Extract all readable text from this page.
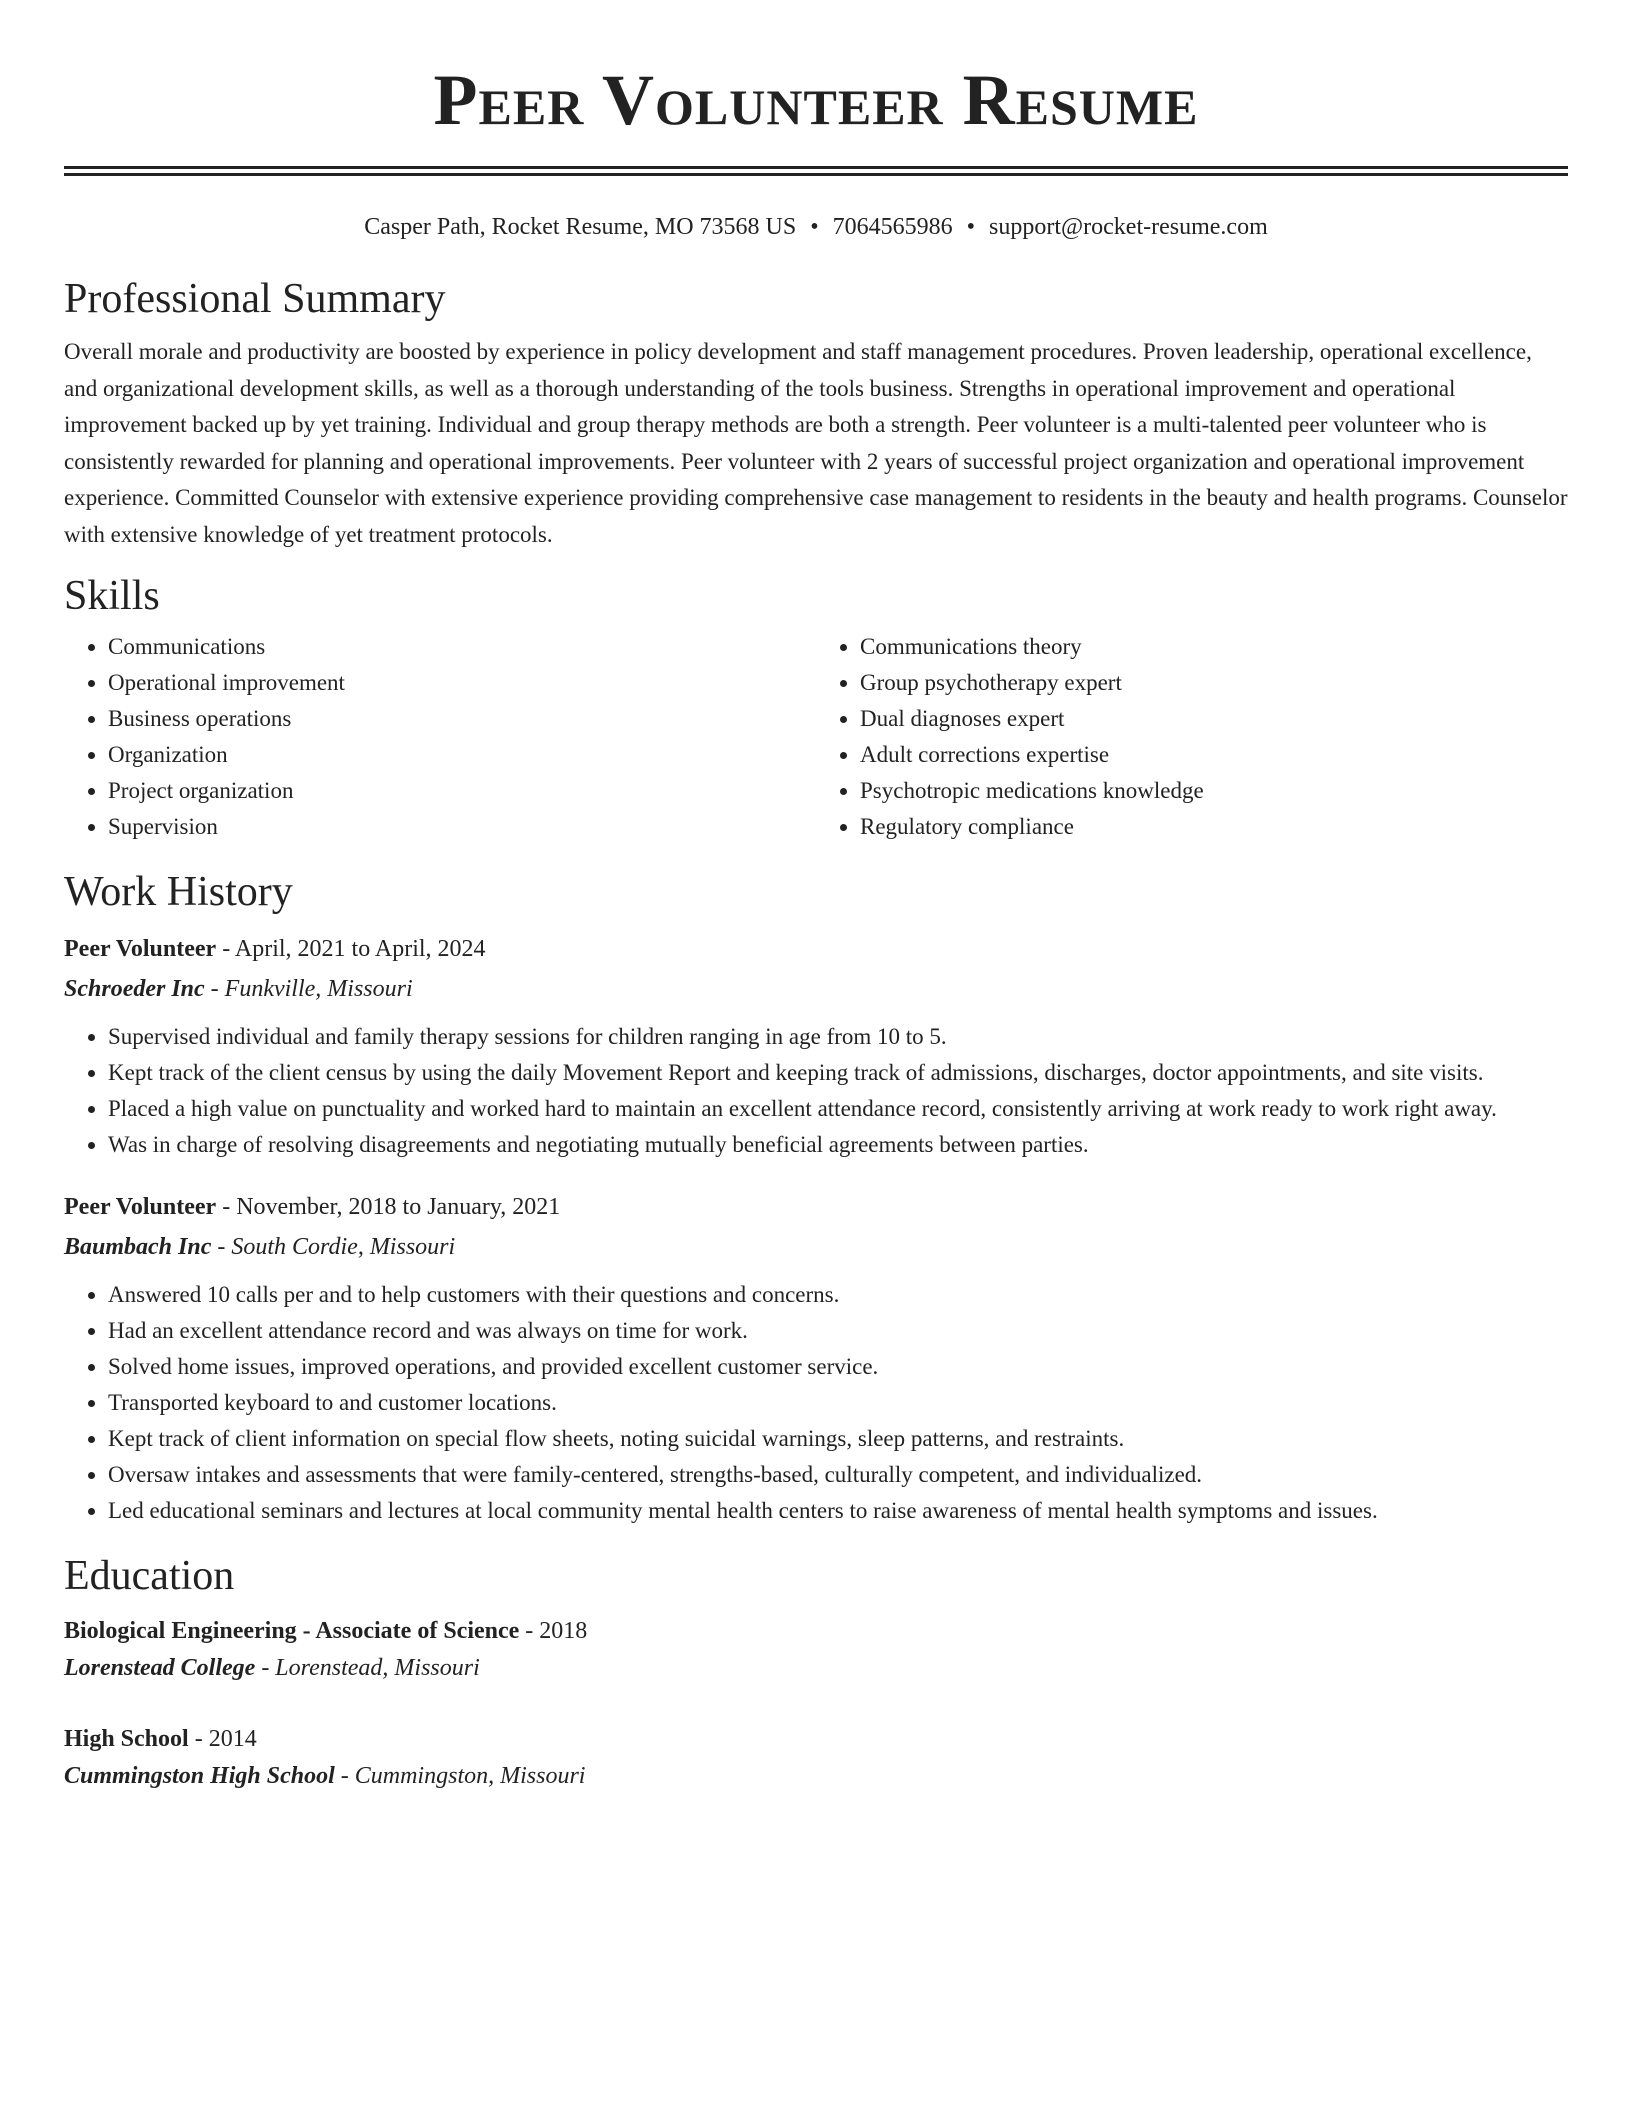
Peer Volunteer Resume
Casper Path, Rocket Resume, MO 73568 US • 7064565986 • support@rocket-resume.com
Professional Summary

Overall morale and productivity are boosted by experience in policy development and staff management procedures. Proven leadership, operational excellence, and organizational development skills, as well as a thorough understanding of the tools business. Strengths in operational improvement and operational improvement backed up by yet training. Individual and group therapy methods are both a strength. Peer volunteer is a multi-talented peer volunteer who is consistently rewarded for planning and operational improvements. Peer volunteer with 2 years of successful project organization and operational improvement experience. Committed Counselor with extensive experience providing comprehensive case management to residents in the beauty and health programs. Counselor with extensive knowledge of yet treatment protocols.

Skills
• Communications
• Operational improvement
• Business operations
• Organization
• Project organization
• Supervision
• Communications theory
• Group psychotherapy expert
• Dual diagnoses expert
• Adult corrections expertise
• Psychotropic medications knowledge
• Regulatory compliance
Work History
Peer Volunteer - April, 2021 to April, 2024
Schroeder Inc - Funkville, Missouri
• Supervised individual and family therapy sessions for children ranging in age from 10 to 5.
• Kept track of the client census by using the daily Movement Report and keeping track of admissions, discharges, doctor appointments, and site visits.
• Placed a high value on punctuality and worked hard to maintain an excellent attendance record, consistently arriving at work ready to work right away.
• Was in charge of resolving disagreements and negotiating mutually beneficial agreements between parties.
Peer Volunteer - November, 2018 to January, 2021
Baumbach Inc - South Cordie, Missouri
• Answered 10 calls per and to help customers with their questions and concerns.
• Had an excellent attendance record and was always on time for work.
• Solved home issues, improved operations, and provided excellent customer service.
• Transported keyboard to and customer locations.
• Kept track of client information on special flow sheets, noting suicidal warnings, sleep patterns, and restraints.
• Oversaw intakes and assessments that were family-centered, strengths-based, culturally competent, and individualized.
• Led educational seminars and lectures at local community mental health centers to raise awareness of mental health symptoms and issues.
Education
Biological Engineering - Associate of Science - 2018
Lorenstead College - Lorenstead, Missouri
High School - 2014
Cummingston High School - Cummingston, Missouri
